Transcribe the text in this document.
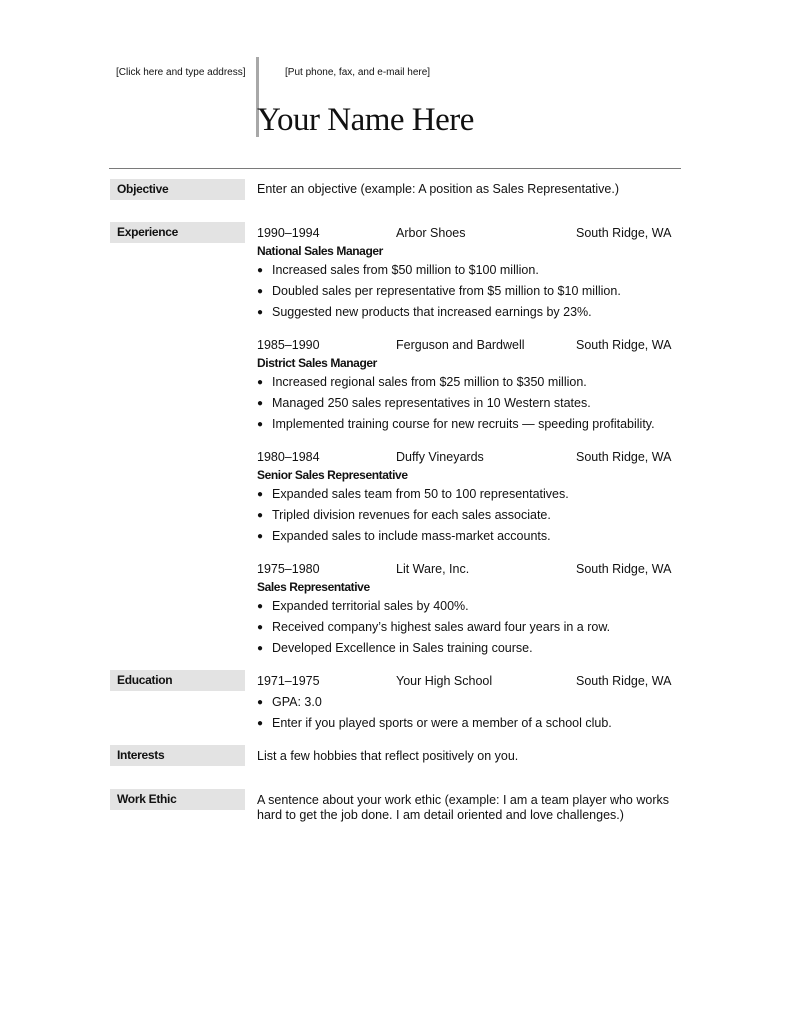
[Click here and type address]	[Put phone, fax, and e-mail here]
Your Name Here
Objective	Enter an objective (example: A position as Sales Representative.)
Experience	1990–1994	Arbor Shoes	South Ridge, WA
National Sales Manager
● Increased sales from $50 million to $100 million.
● Doubled sales per representative from $5 million to $10 million.
● Suggested new products that increased earnings by 23%.
1985–1990	Ferguson and Bardwell	South Ridge, WA
District Sales Manager
● Increased regional sales from $25 million to $350 million.
● Managed 250 sales representatives in 10 Western states.
● Implemented training course for new recruits — speeding profitability.
1980–1984	Duffy Vineyards	South Ridge, WA
Senior Sales Representative
● Expanded sales team from 50 to 100 representatives.
● Tripled division revenues for each sales associate.
● Expanded sales to include mass-market accounts.
1975–1980	Lit Ware, Inc.	South Ridge, WA
Sales Representative
● Expanded territorial sales by 400%.
● Received company’s highest sales award four years in a row.
● Developed Excellence in Sales training course.
Education	1971–1975	Your High School	South Ridge, WA
● GPA: 3.0
● Enter if you played sports or were a member of a school club.
Interests	List a few hobbies that reflect positively on you.
Work Ethic	A sentence about your work ethic (example: I am a team player who works hard to get the job done. I am detail oriented and love challenges.)
